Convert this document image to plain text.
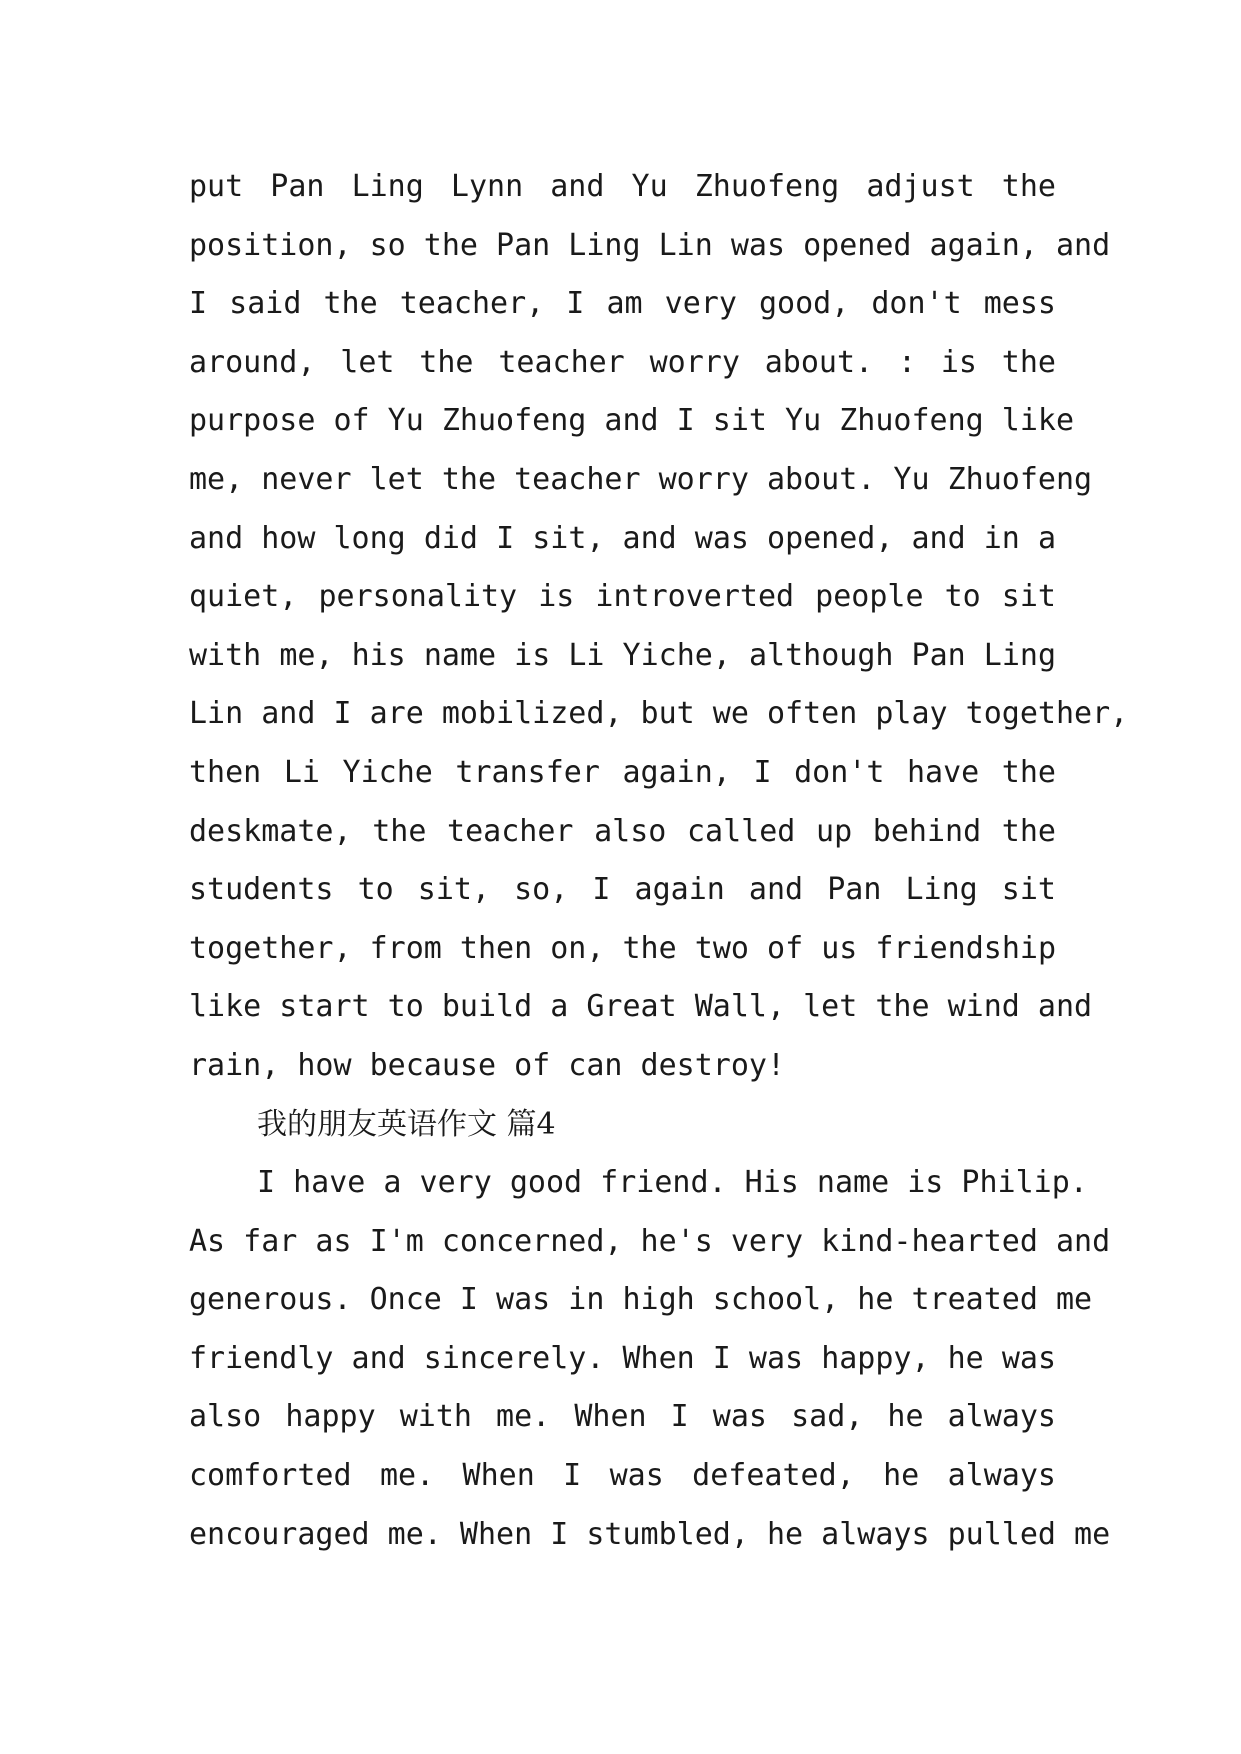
put Pan Ling Lynn and Yu Zhuofeng adjust the
position, so the Pan Ling Lin was opened again, and
I said the teacher, I am very good, don't mess
around, let the teacher worry about. : is the
purpose of Yu Zhuofeng and I sit Yu Zhuofeng like
me, never let the teacher worry about. Yu Zhuofeng
and how long did I sit, and was opened, and in a
quiet, personality is introverted people to sit
with me, his name is Li Yiche, although Pan Ling
Lin and I are mobilized, but we often play together,
then Li Yiche transfer again, I don't have the
deskmate, the teacher also called up behind the
students to sit, so, I again and Pan Ling sit
together, from then on, the two of us friendship
like start to build a Great Wall, let the wind and
rain, how because of can destroy!
我的朋友英语作文 篇4
I have a very good friend. His name is Philip.
As far as I'm concerned, he's very kind-hearted and
generous. Once I was in high school, he treated me
friendly and sincerely. When I was happy, he was
also happy with me. When I was sad, he always
comforted me. When I was defeated, he always
encouraged me. When I stumbled, he always pulled me
